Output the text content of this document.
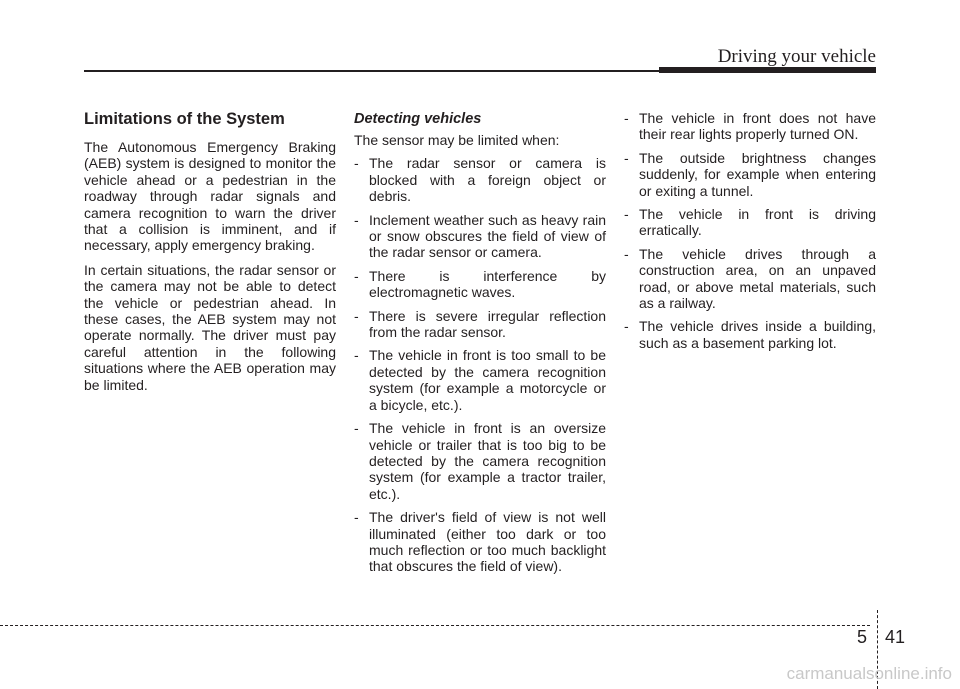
Driving your vehicle
Limitations of the System

The Autonomous Emergency Braking (AEB) system is designed to monitor the vehicle ahead or a pedestrian in the roadway through radar signals and camera recognition to warn the driver that a collision is imminent, and if necessary, apply emergency braking.

In certain situations, the radar sensor or the camera may not be able to detect the vehicle or pedestrian ahead. In these cases, the AEB system may not operate normally. The driver must pay careful attention in the following situations where the AEB operation may be limited.

Detecting vehicles

The sensor may be limited when:

- The radar sensor or camera is blocked with a foreign object or debris.
- Inclement weather such as heavy rain or snow obscures the field of view of the radar sensor or camera.
- There is interference by electromagnetic waves.
- There is severe irregular reflection from the radar sensor.
- The vehicle in front is too small to be detected by the camera recognition system (for example a motorcycle or a bicycle, etc.).
- The vehicle in front is an oversize vehicle or trailer that is too big to be detected by the camera recognition system (for example a tractor trailer, etc.).
- The driver's field of view is not well illuminated (either too dark or too much reflection or too much backlight that obscures the field of view).
- The vehicle in front does not have their rear lights properly turned ON.
- The outside brightness changes suddenly, for example when entering or exiting a tunnel.
- The vehicle in front is driving erratically.
- The vehicle drives through a construction area, on an unpaved road, or above metal materials, such as a railway.
- The vehicle drives inside a building, such as a basement parking lot.
5 41
carmanualsonline.info
